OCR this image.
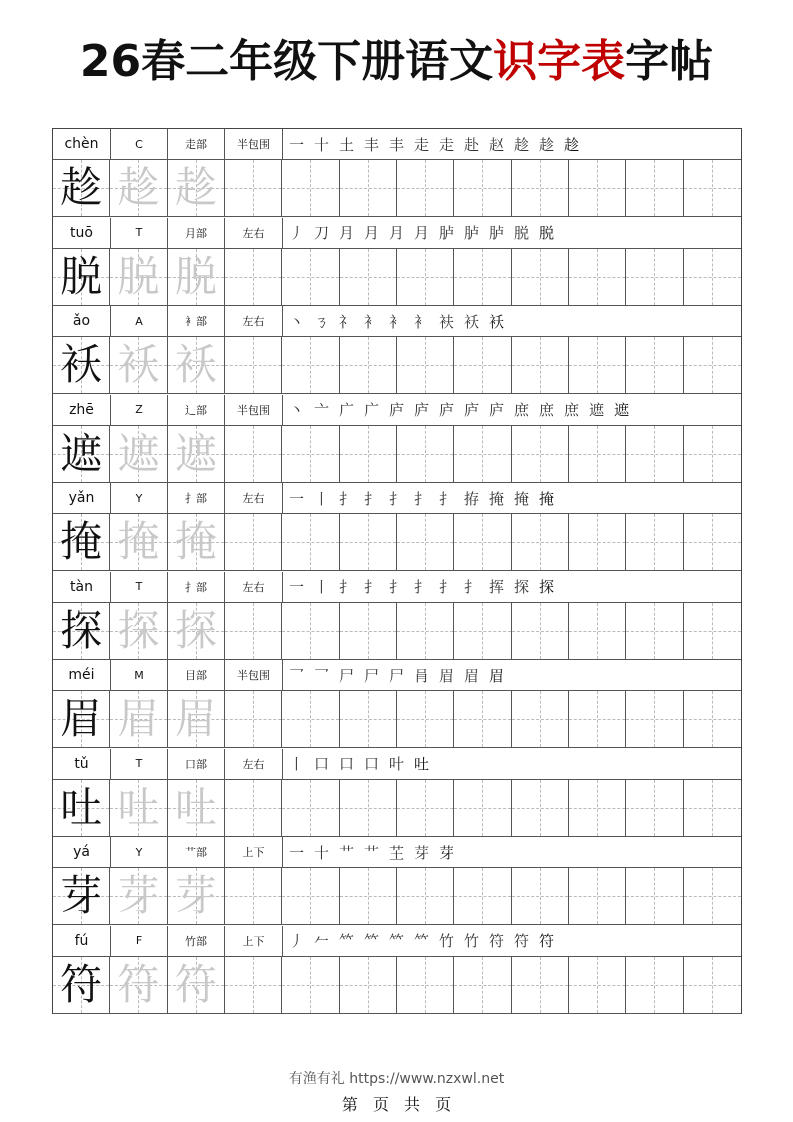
26春二年级下册语文识字表字帖
chèn	C	走部	半包围	一 十 土 丰 丰 走 走 赴 赵 趁 趁 趁
趁 趁 趁
tuō	T	月部	左右	丿 刀 月 月 月 月 胪 胪 胪 脱 脱
脱 脱 脱
ǎo	A	衤部	左右	丶 ㄋ 礻 衤 衤 衤 衭 袄 袄
袄 袄 袄
zhē	Z	辶部	半包围	丶 亠 广 广 庐 庐 庐 庐 庐 庶 庶 庶 遮 遮
遮 遮 遮
yǎn	Y	扌部	左右	一 丨 扌 扌 扌 扌 扌 拵 掩 掩 掩
掩 掩 掩
tàn	T	扌部	左右	一 丨 扌 扌 扌 扌 扌 扌 挥 探 探
探 探 探
méi	M	目部	半包围	乛 乛 尸 尸 尸 肙 眉 眉 眉
眉 眉 眉
tǔ	T	口部	左右	丨 口 口 口 叶 吐
吐 吐 吐
yá	Y	艹部	上下	一 十 艹 艹 芏 芽 芽
芽 芽 芽
fú	F	竹部	上下	丿 𠂉 𥫗 𥫗 𥫗 𥫗 竹 竹 符 符 符
符 符 符
有渔有礼 https://www.nzxwl.net
第 页 共 页
